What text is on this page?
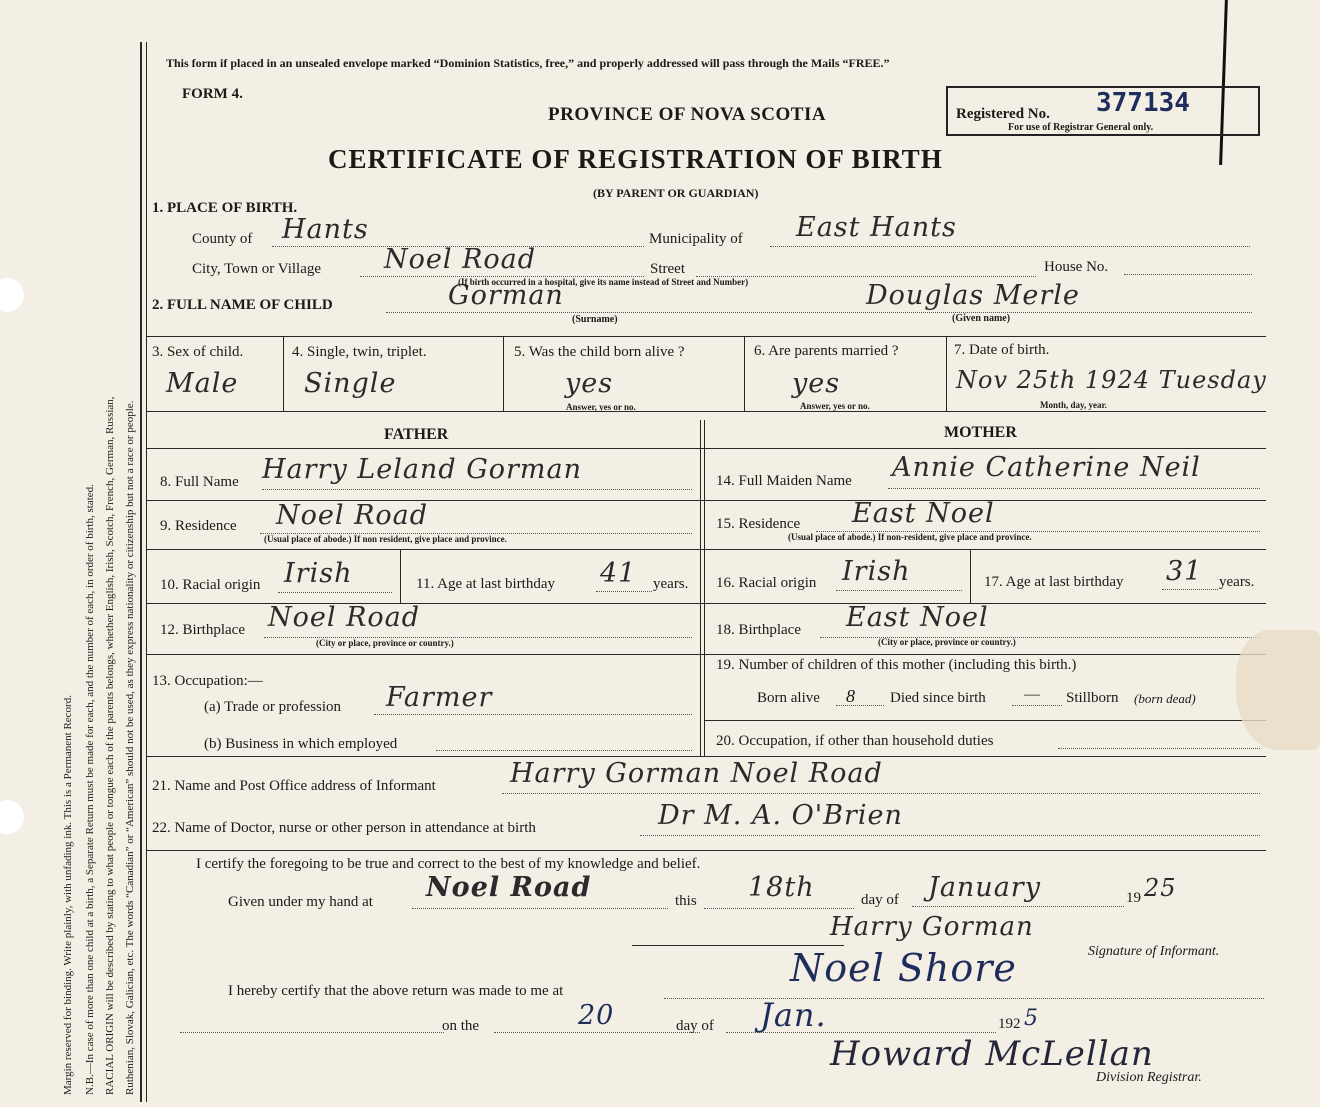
Margin reserved for binding. Write plainly, with unfading ink. This is a Permanent Record. N.B.—In case of more than one child at a birth, a Separate Return must be made for each, and the number of each, in order of birth, stated. RACIAL ORIGIN will be described by stating to what people or tongue each of the parents belongs, whether English, Irish, Scotch, French, German, Russian, Ruthenian, Slovak, Galician, etc. The words “Canadian” or “American” should not be used, as they express nationality or citizenship but not a race or people.
This form if placed in an unsealed envelope marked “Dominion Statistics, free,” and properly addressed will pass through the Mails “FREE.”
FORM 4.
PROVINCE OF NOVA SCOTIA
CERTIFICATE OF REGISTRATION OF BIRTH
(BY PARENT OR GUARDIAN)
Registered No. 377134
For use of Registrar General only.
1. PLACE OF BIRTH.
County of Hants	Municipality of East Hants
City, Town or Village Noel Road	Street	House No.
(If birth occurred in a hospital, give its name instead of Street and Number)
2. FULL NAME OF CHILD	Gorman
(Surname)
Douglas Merle
(Given name)
3. Sex of child.
Male
4. Single, twin, triplet.
Single
5. Was the child born alive ?
yes
Answer, yes or no.
6. Are parents married ?
yes
Answer, yes or no.
7. Date of birth.
Nov 25th 1924 Tuesday
Month, day, year.
FATHER	MOTHER
8. Full Name Harry Leland Gorman
9. Residence Noel Road
(Usual place of abode.) If non resident, give place and province.
10. Racial origin Irish	11. Age at last birthday 41 years.
12. Birthplace Noel Road
(City or place, province or country.)
13. Occupation:—
(a) Trade or profession Farmer
(b) Business in which employed
14. Full Maiden Name Annie Catherine Neil
15. Residence East Noel
(Usual place of abode.) If non-resident, give place and province.
16. Racial origin Irish	17. Age at last birthday 31 years.
18. Birthplace East Noel
(City or place, province or country.)
19. Number of children of this mother (including this birth.)
Born alive 8 Died since birth — Stillborn (born dead)
20. Occupation, if other than household duties
21. Name and Post Office address of Informant	Harry Gorman Noel Road
22. Name of Doctor, nurse or other person in attendance at birth	Dr M. A. O'Brien
I certify the foregoing to be true and correct to the best of my knowledge and belief.
Given under my hand at Noel Road	this 18th	day of January	19 25
Harry Gorman
Signature of Informant.
I hereby certify that the above return was made to me at
Noel Shore
on the	20	day of Jan.	192 5
Howard McLellan
Division Registrar.
